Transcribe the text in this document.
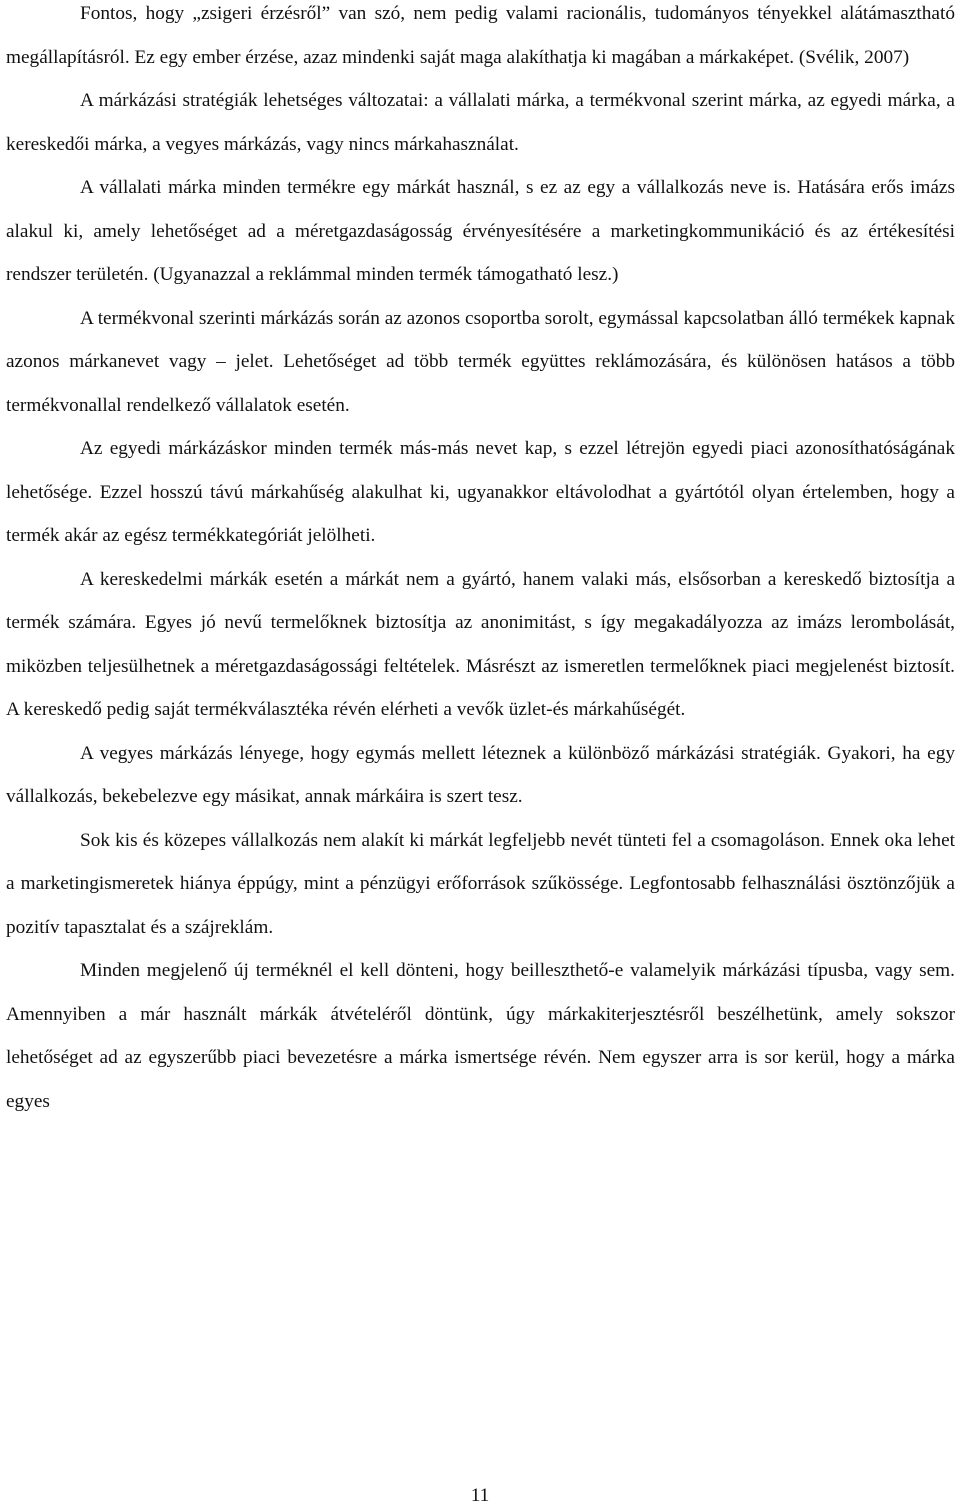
Fontos, hogy „zsigeri érzésről” van szó, nem pedig valami racionális, tudományos tényekkel alátámasztható megállapításról. Ez egy ember érzése, azaz mindenki saját maga alakíthatja ki magában a márkaképet. (Svélik, 2007)

A márkázási stratégiák lehetséges változatai: a vállalati márka, a termékvonal szerint márka, az egyedi márka, a kereskedői márka, a vegyes márkázás, vagy nincs márkahasználat.

A vállalati márka minden termékre egy márkát használ, s ez az egy a vállalkozás neve is. Hatására erős imázs alakul ki, amely lehetőséget ad a méretgazdaságosság érvényesítésére a marketingkommunikáció és az értékesítési rendszer területén. (Ugyanazzal a reklámmal minden termék támogatható lesz.)

A termékvonal szerinti márkázás során az azonos csoportba sorolt, egymással kapcsolatban álló termékek kapnak azonos márkanevet vagy – jelet. Lehetőséget ad több termék együttes reklámozására, és különösen hatásos a több termékvonallal rendelkező vállalatok esetén.

Az egyedi márkázáskor minden termék más-más nevet kap, s ezzel létrejön egyedi piaci azonosíthatóságának lehetősége. Ezzel hosszú távú márkahűség alakulhat ki, ugyanakkor eltávolodhat a gyártótól olyan értelemben, hogy a termék akár az egész termékkategóriát jelölheti.

A kereskedelmi márkák esetén a márkát nem a gyártó, hanem valaki más, elsősorban a kereskedő biztosítja a termék számára. Egyes jó nevű termelőknek biztosítja az anonimitást, s így megakadályozza az imázs lerombolását, miközben teljesülhetnek a méretgazdaságossági feltételek. Másrészt az ismeretlen termelőknek piaci megjelenést biztosít. A kereskedő pedig saját termékválasztéka révén elérheti a vevők üzlet-és márkahűségét.

A vegyes márkázás lényege, hogy egymás mellett léteznek a különböző márkázási stratégiák. Gyakori, ha egy vállalkozás, bekebelezve egy másikat, annak márkáira is szert tesz.

Sok kis és közepes vállalkozás nem alakít ki márkát legfeljebb nevét tünteti fel a csomagoláson. Ennek oka lehet a marketingismeretek hiánya éppúgy, mint a pénzügyi erőforrások szűkössége. Legfontosabb felhasználási ösztönzőjük a pozitív tapasztalat és a szájreklám.

Minden megjelenő új terméknél el kell dönteni, hogy beilleszthető-e valamelyik márkázási típusba, vagy sem. Amennyiben a már használt márkák átvételéről döntünk, úgy márkakiterjesztésről beszélhetünk, amely sokszor lehetőséget ad az egyszerűbb piaci bevezetésre a márka ismertsége révén. Nem egyszer arra is sor kerül, hogy a márka egyes

11
